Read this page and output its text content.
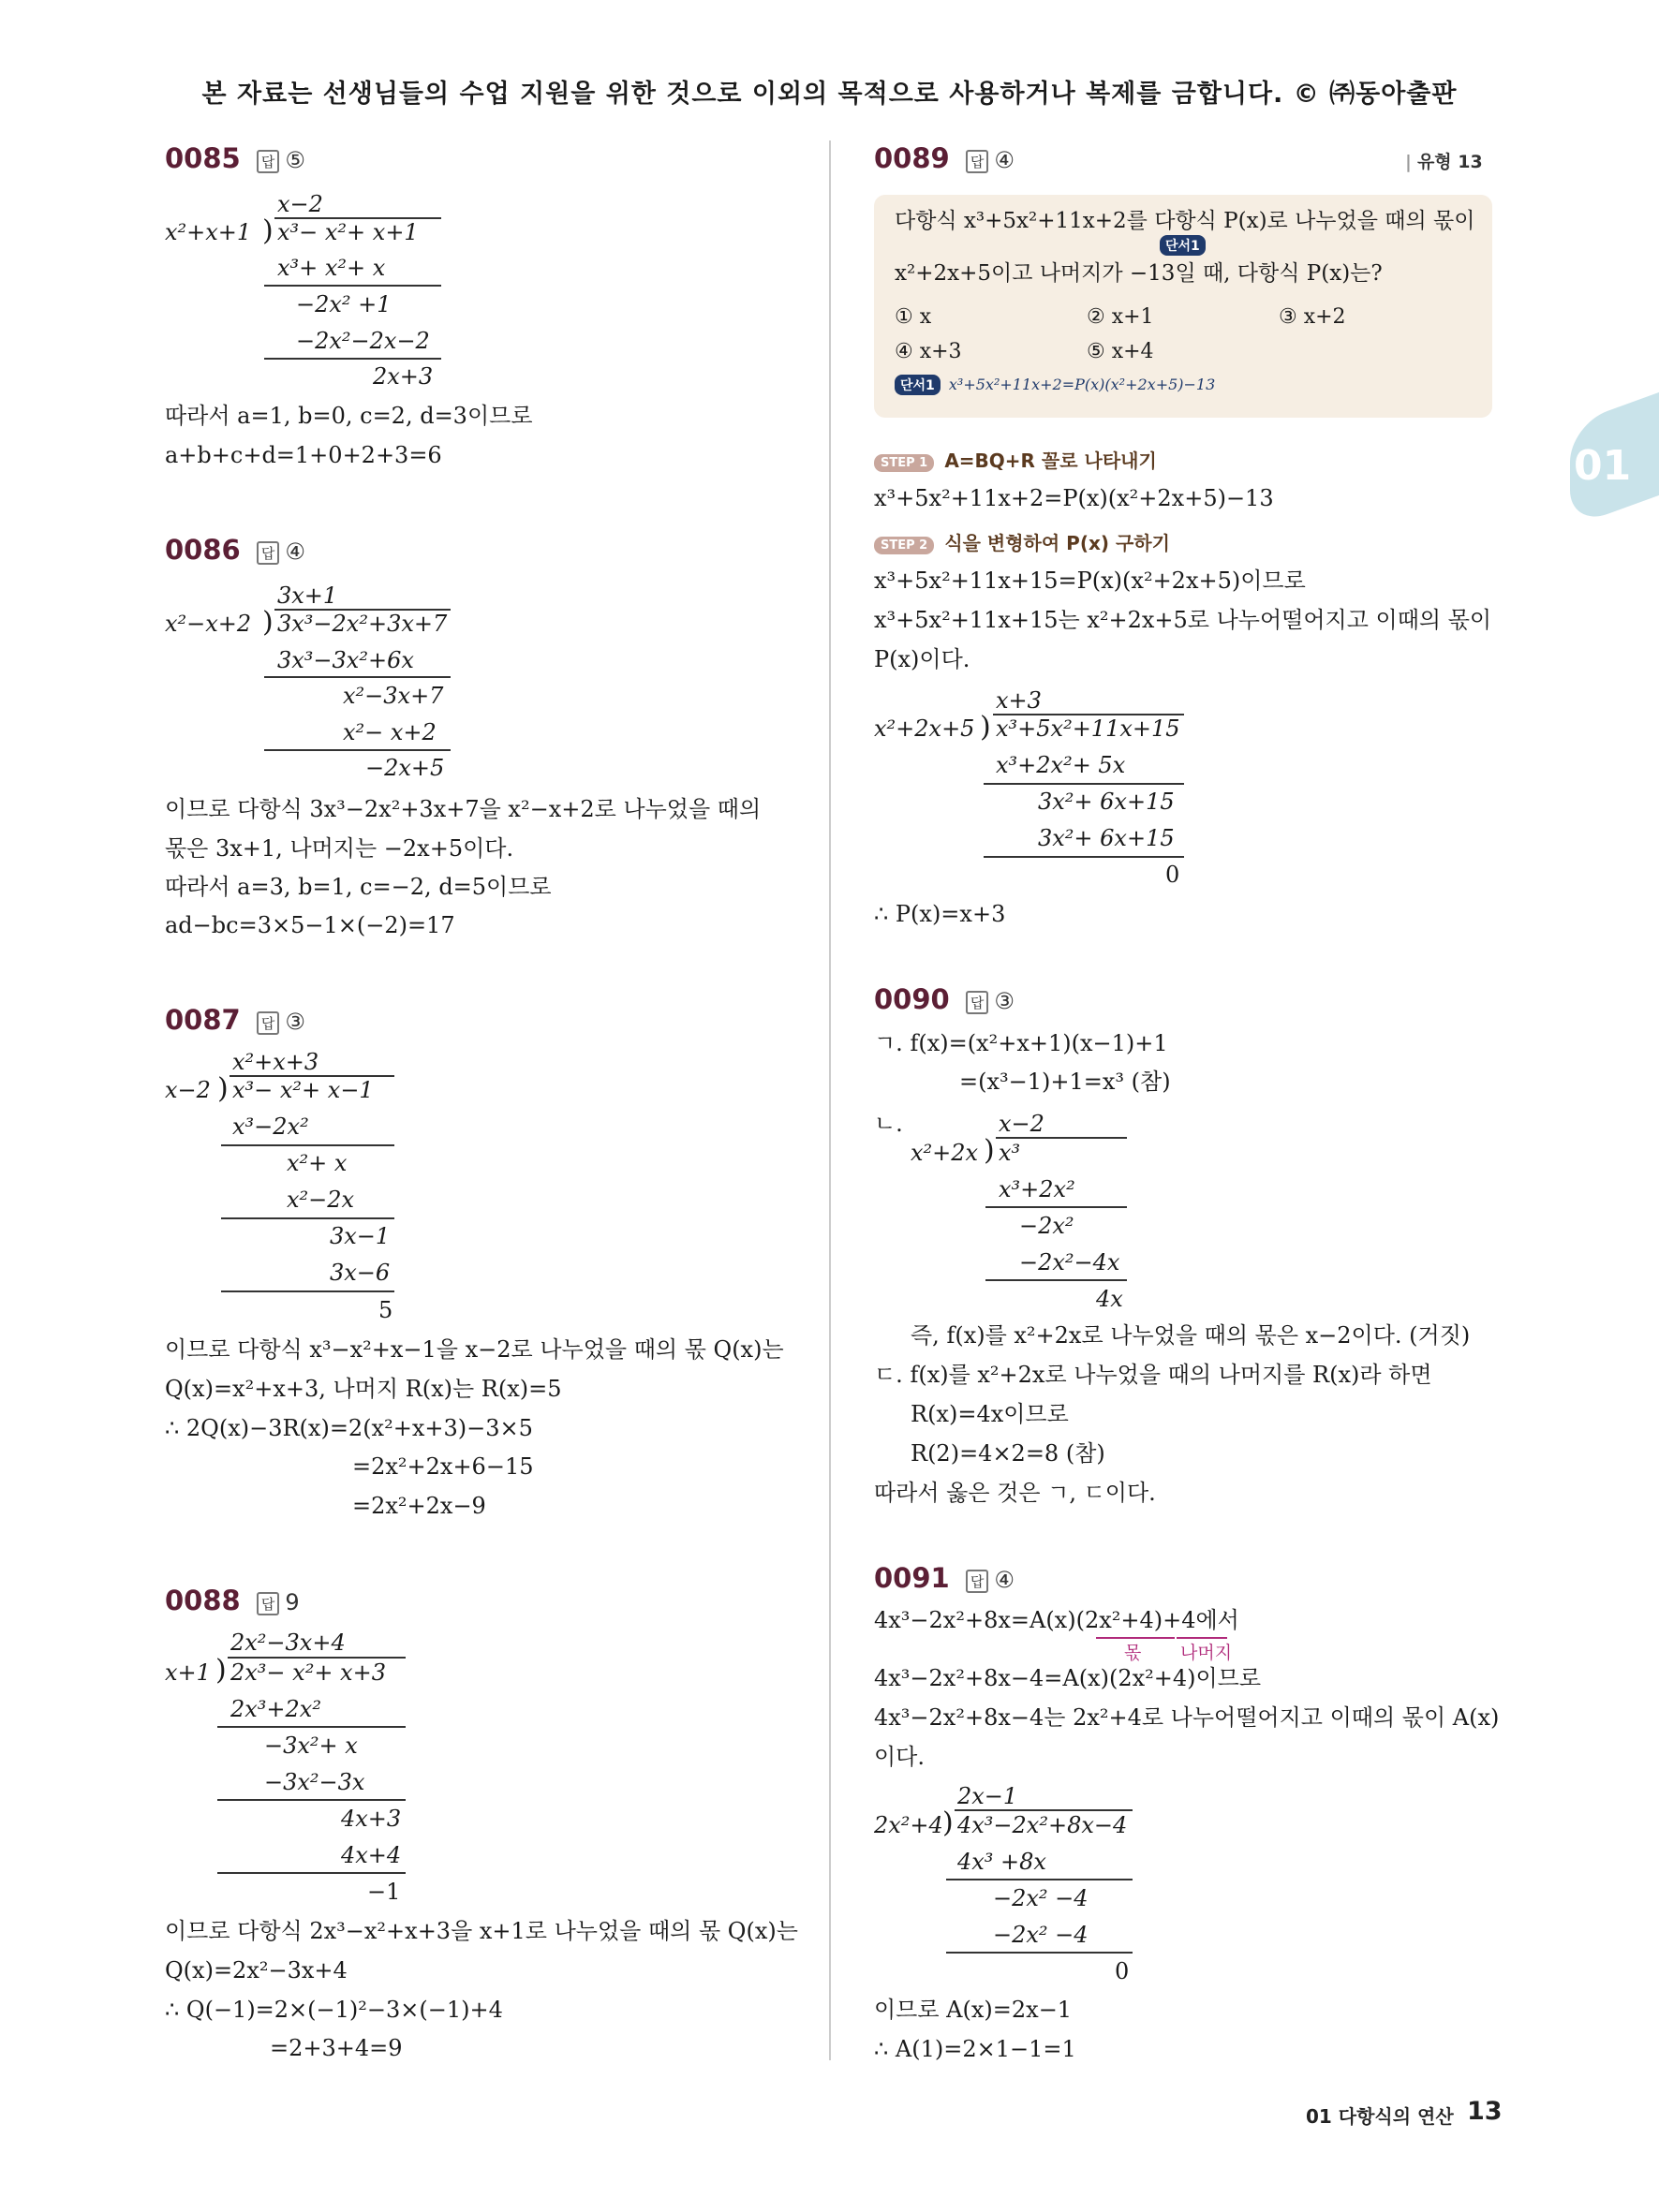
본 자료는 선생님들의 수업 지원을 위한 것으로 이외의 목적으로 사용하거나 복제를 금합니다. © ㈜동아출판
01
0085 답 ⑤
x−2
x²+x+1 ) x³− x²+ x+1
x³+ x²+ x
−2x² +1
−2x²−2x−2
2x+3
따라서 a=1, b=0, c=2, d=3이므로
a+b+c+d=1+0+2+3=6
0086 답 ④
3x+1
x²−x+2 ) 3x³−2x²+3x+7
3x³−3x²+6x
x²−3x+7
x²− x+2
−2x+5
이므로 다항식 3x³−2x²+3x+7을 x²−x+2로 나누었을 때의
몫은 3x+1, 나머지는 −2x+5이다.
따라서 a=3, b=1, c=−2, d=5이므로
ad−bc=3×5−1×(−2)=17
0087 답 ③
x²+x+3
x−2 ) x³− x²+ x−1
x³−2x²
x²+ x
x²−2x
3x−1
3x−6
5
이므로 다항식 x³−x²+x−1을 x−2로 나누었을 때의 몫 Q(x)는
Q(x)=x²+x+3, 나머지 R(x)는 R(x)=5
∴ 2Q(x)−3R(x)=2(x²+x+3)−3×5
=2x²+2x+6−15
=2x²+2x−9
0088 답 9
2x²−3x+4
x+1 ) 2x³− x²+ x+3
2x³+2x²
−3x²+ x
−3x²−3x
4x+3
4x+4
−1
이므로 다항식 2x³−x²+x+3을 x+1로 나누었을 때의 몫 Q(x)는
Q(x)=2x²−3x+4
∴ Q(−1)=2×(−1)²−3×(−1)+4
=2+3+4=9
0089 답 ④	| 유형 13
다항식 x³+5x²+11x+2를 다항식 P(x)로 나누었을 때의 몫이
단서1
x²+2x+5이고 나머지가 −13일 때, 다항식 P(x)는?
① x	② x+1	③ x+2
④ x+3	⑤ x+4
단서1 x³+5x²+11x+2=P(x)(x²+2x+5)−13
STEP 1 A=BQ+R 꼴로 나타내기
x³+5x²+11x+2=P(x)(x²+2x+5)−13
STEP 2 식을 변형하여 P(x) 구하기
x³+5x²+11x+15=P(x)(x²+2x+5)이므로
x³+5x²+11x+15는 x²+2x+5로 나누어떨어지고 이때의 몫이
P(x)이다.
x+3
x²+2x+5 ) x³+5x²+11x+15
x³+2x²+ 5x
3x²+ 6x+15
3x²+ 6x+15
0
∴ P(x)=x+3
0090 답 ③
ㄱ. f(x)=(x²+x+1)(x−1)+1
=(x³−1)+1=x³ (참)
ㄴ.	x−2
x²+2x ) x³
x³+2x²
−2x²
−2x²−4x
4x
즉, f(x)를 x²+2x로 나누었을 때의 몫은 x−2이다. (거짓)
ㄷ. f(x)를 x²+2x로 나누었을 때의 나머지를 R(x)라 하면
R(x)=4x이므로
R(2)=4×2=8 (참)
따라서 옳은 것은 ㄱ, ㄷ이다.
0091 답 ④
4x³−2x²+8x=A(x)(2x²+4)+4에서
몫 나머지
4x³−2x²+8x−4=A(x)(2x²+4)이므로
4x³−2x²+8x−4는 2x²+4로 나누어떨어지고 이때의 몫이 A(x)
이다.
2x−1
2x²+4 ) 4x³−2x²+8x−4
4x³ +8x
−2x² −4
−2x² −4
0
이므로 A(x)=2x−1
∴ A(1)=2×1−1=1
01 다항식의 연산 13
